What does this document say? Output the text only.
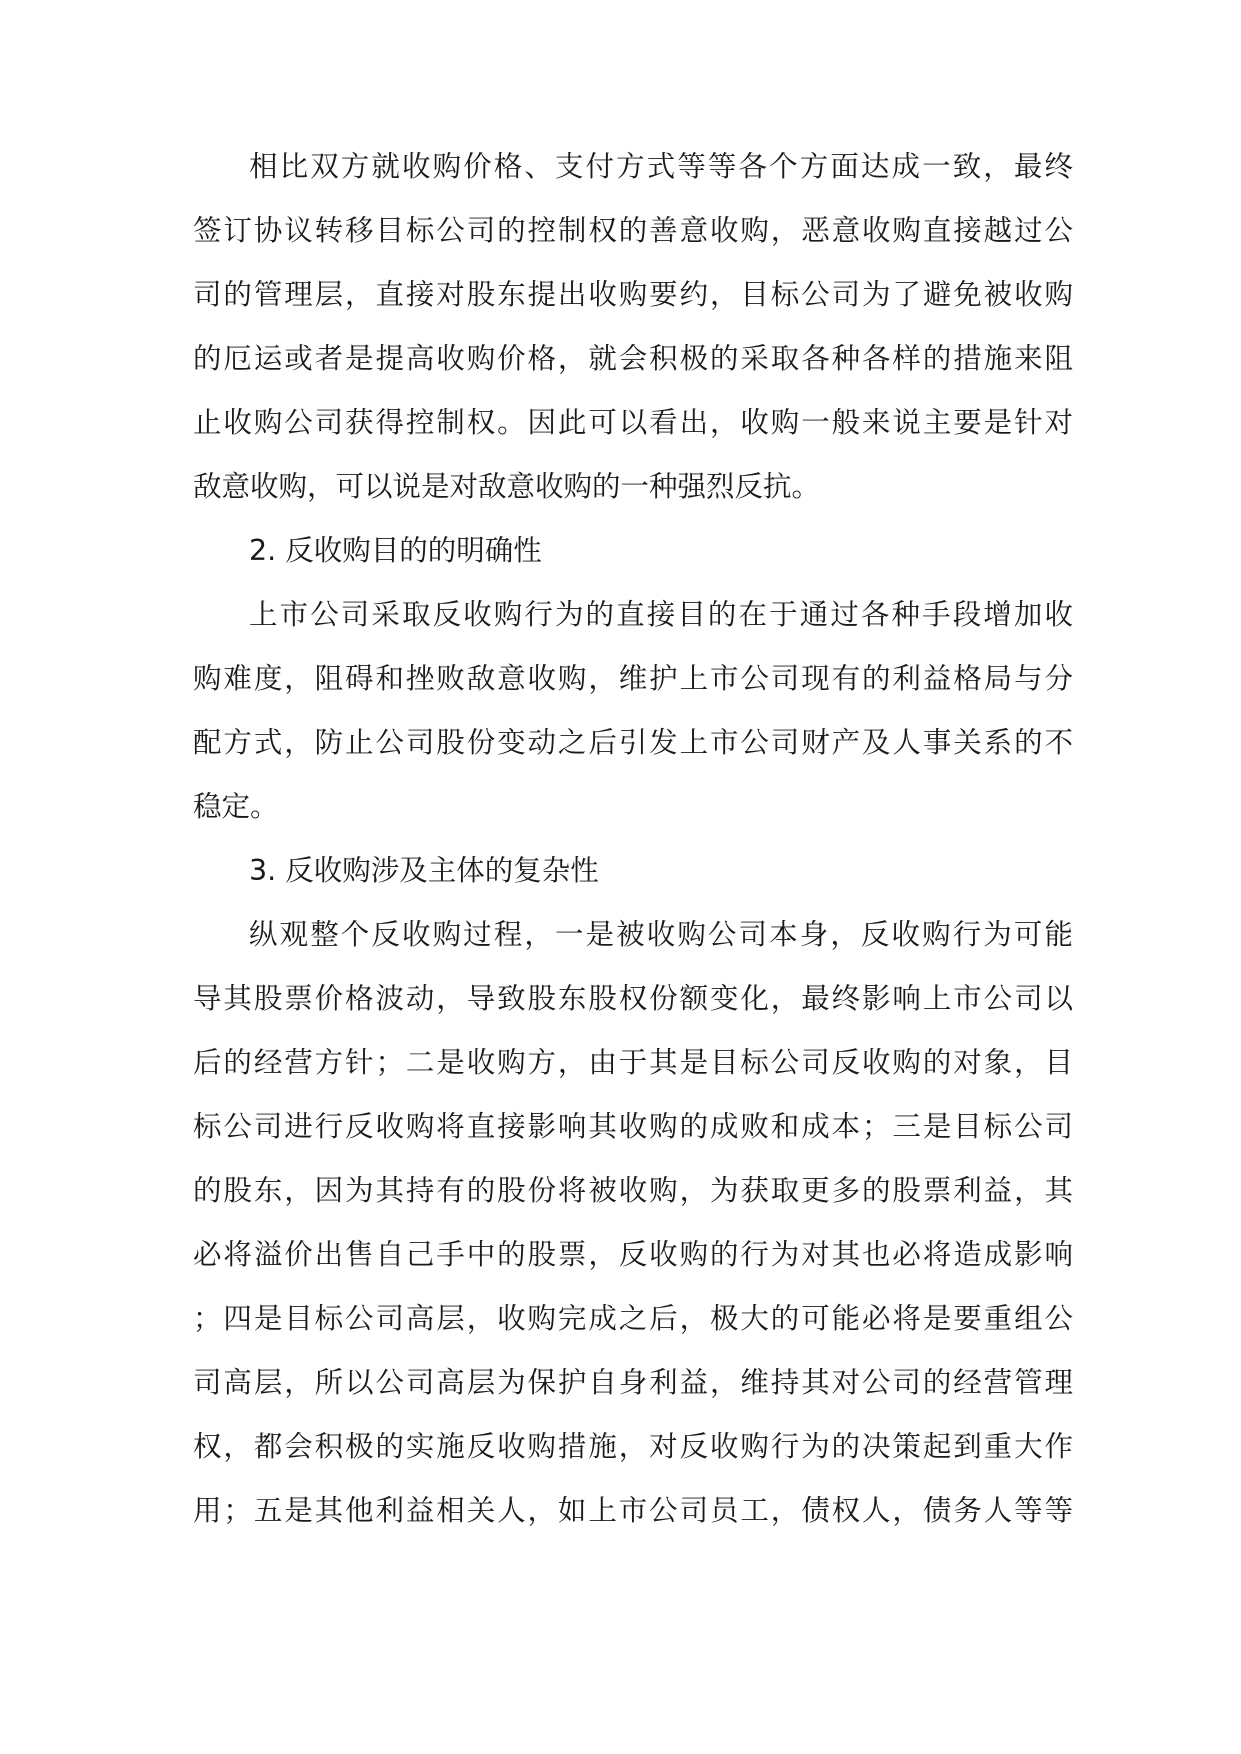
相比双方就收购价格、支付方式等等各个方面达成一致，最终
签订协议转移目标公司的控制权的善意收购，恶意收购直接越过公
司的管理层，直接对股东提出收购要约，目标公司为了避免被收购
的厄运或者是提高收购价格，就会积极的采取各种各样的措施来阻
止收购公司获得控制权。因此可以看出，收购一般来说主要是针对
敌意收购，可以说是对敌意收购的一种强烈反抗。
2. 反收购目的的明确性
上市公司采取反收购行为的直接目的在于通过各种手段增加收
购难度，阻碍和挫败敌意收购，维护上市公司现有的利益格局与分
配方式，防止公司股份变动之后引发上市公司财产及人事关系的不
稳定。
3. 反收购涉及主体的复杂性
纵观整个反收购过程，一是被收购公司本身，反收购行为可能
导其股票价格波动，导致股东股权份额变化，最终影响上市公司以
后的经营方针；二是收购方，由于其是目标公司反收购的对象，目
标公司进行反收购将直接影响其收购的成败和成本；三是目标公司
的股东，因为其持有的股份将被收购，为获取更多的股票利益，其
必将溢价出售自己手中的股票，反收购的行为对其也必将造成影响
；四是目标公司高层，收购完成之后，极大的可能必将是要重组公
司高层，所以公司高层为保护自身利益，维持其对公司的经营管理
权，都会积极的实施反收购措施，对反收购行为的决策起到重大作
用；五是其他利益相关人，如上市公司员工，债权人，债务人等等
